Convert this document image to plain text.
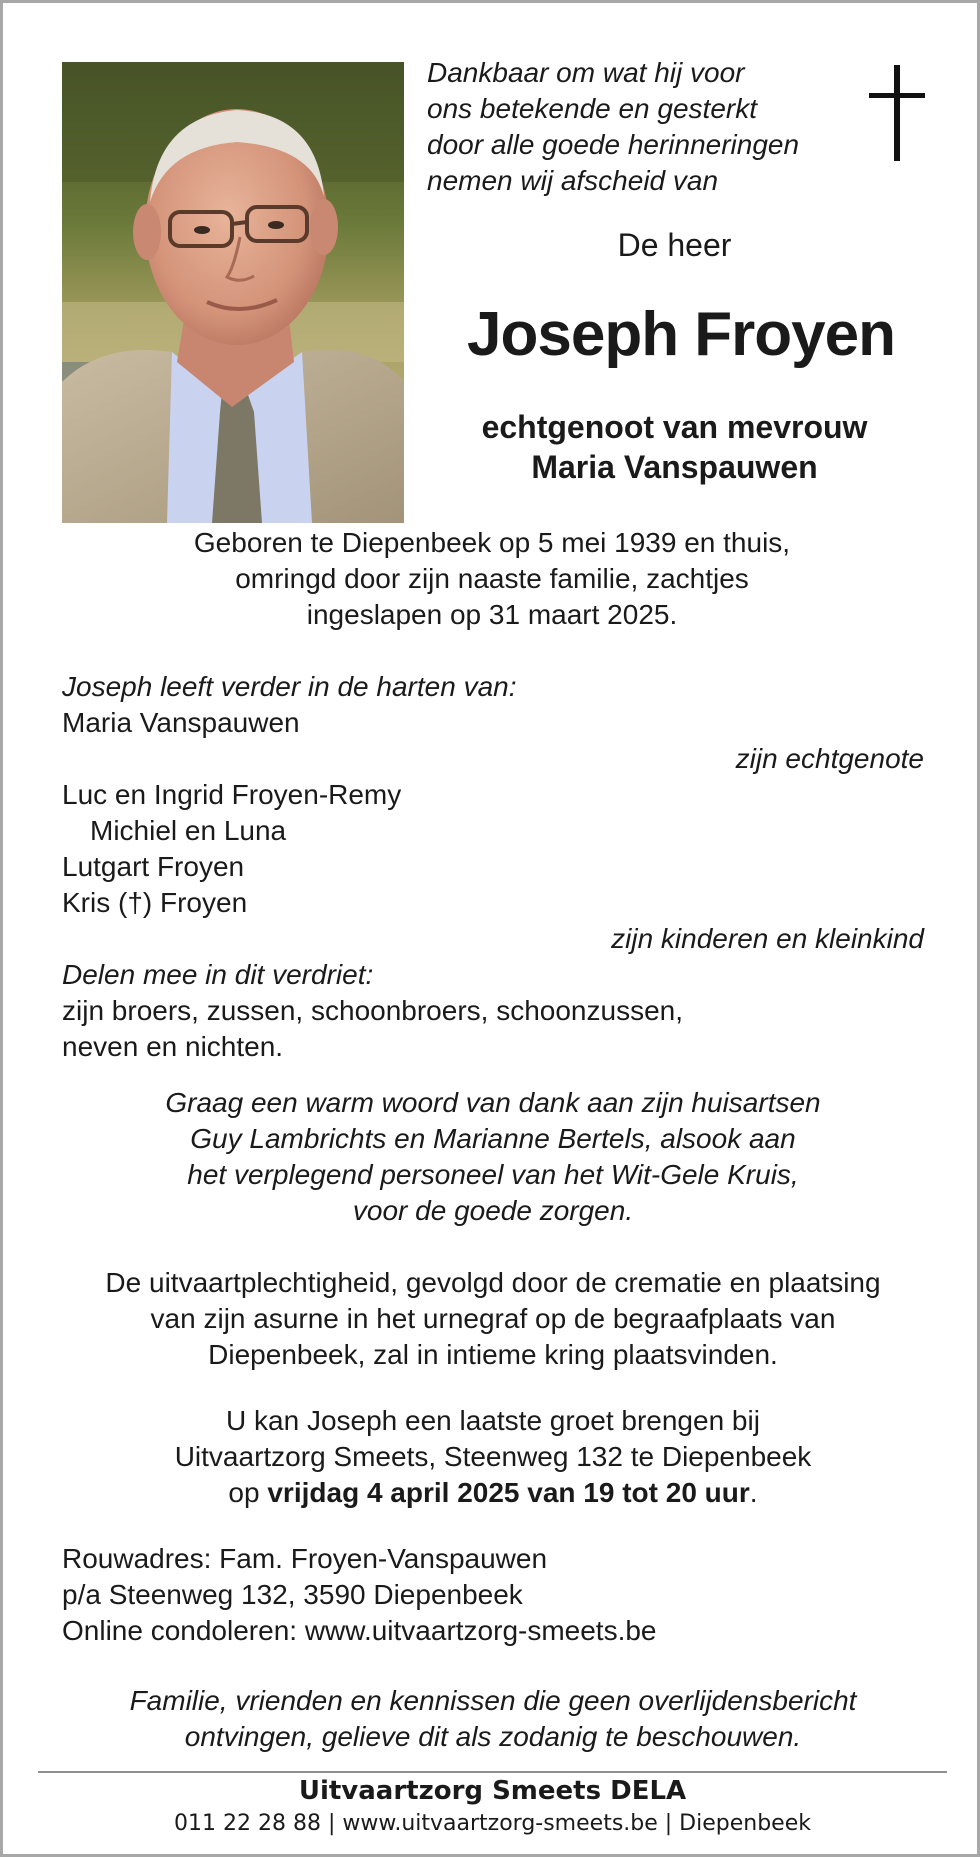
Dankbaar om wat hij voor
ons betekende en gesterkt
door alle goede herinneringen
nemen wij afscheid van
De heer
Joseph Froyen
echtgenoot van mevrouw
Maria Vanspauwen
Geboren te Diepenbeek op 5 mei 1939 en thuis,
omringd door zijn naaste familie, zachtjes
ingeslapen op 31 maart 2025.
Joseph leeft verder in de harten van:
Maria Vanspauwen
zijn echtgenote
Luc en Ingrid Froyen-Remy
Michiel en Luna
Lutgart Froyen
Kris (†) Froyen
zijn kinderen en kleinkind
Delen mee in dit verdriet:
zijn broers, zussen, schoonbroers, schoonzussen,
neven en nichten.
Graag een warm woord van dank aan zijn huisartsen
Guy Lambrichts en Marianne Bertels, alsook aan
het verplegend personeel van het Wit-Gele Kruis,
voor de goede zorgen.
De uitvaartplechtigheid, gevolgd door de crematie en plaatsing
van zijn asurne in het urnegraf op de begraafplaats van
Diepenbeek, zal in intieme kring plaatsvinden.
U kan Joseph een laatste groet brengen bij
Uitvaartzorg Smeets, Steenweg 132 te Diepenbeek
op vrijdag 4 april 2025 van 19 tot 20 uur.
Rouwadres: Fam. Froyen-Vanspauwen
p/a Steenweg 132, 3590 Diepenbeek
Online condoleren: www.uitvaartzorg-smeets.be
Familie, vrienden en kennissen die geen overlijdensbericht
ontvingen, gelieve dit als zodanig te beschouwen.
Uitvaartzorg Smeets DELA
011 22 28 88 | www.uitvaartzorg-smeets.be | Diepenbeek
